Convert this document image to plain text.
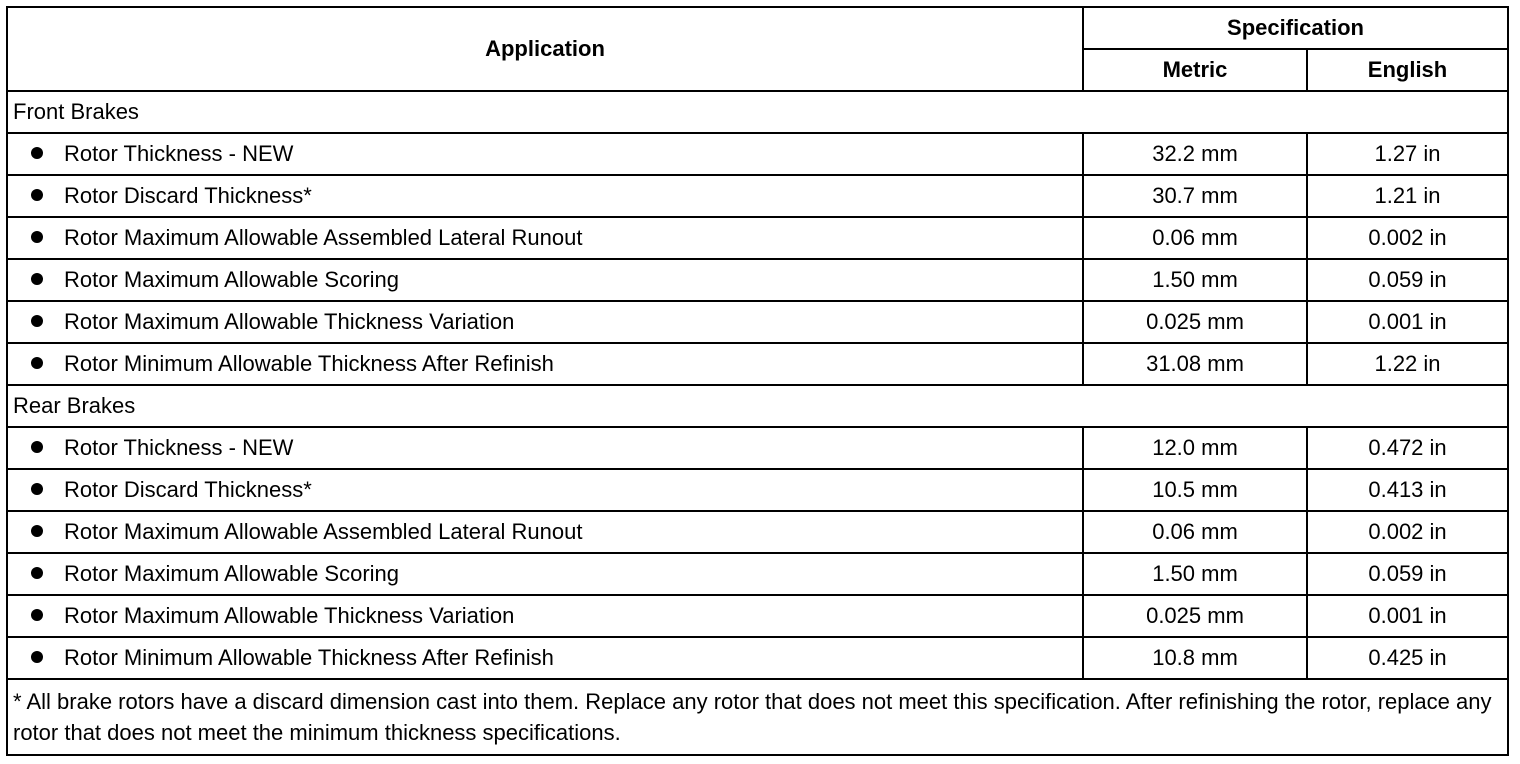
Application	Specification	
	Metric	English
Front Brakes		
Rotor Thickness - NEW	32.2 mm	1.27 in
Rotor Discard Thickness*	30.7 mm	1.21 in
Rotor Maximum Allowable Assembled Lateral Runout	0.06 mm	0.002 in
Rotor Maximum Allowable Scoring	1.50 mm	0.059 in
Rotor Maximum Allowable Thickness Variation	0.025 mm	0.001 in
Rotor Minimum Allowable Thickness After Refinish	31.08 mm	1.22 in
Rear Brakes		
Rotor Thickness - NEW	12.0 mm	0.472 in
Rotor Discard Thickness*	10.5 mm	0.413 in
Rotor Maximum Allowable Assembled Lateral Runout	0.06 mm	0.002 in
Rotor Maximum Allowable Scoring	1.50 mm	0.059 in
Rotor Maximum Allowable Thickness Variation	0.025 mm	0.001 in
Rotor Minimum Allowable Thickness After Refinish	10.8 mm	0.425 in
* All brake rotors have a discard dimension cast into them. Replace any rotor that does not meet this specification. After refinishing the rotor, replace any rotor that does not meet the minimum thickness specifications.		
